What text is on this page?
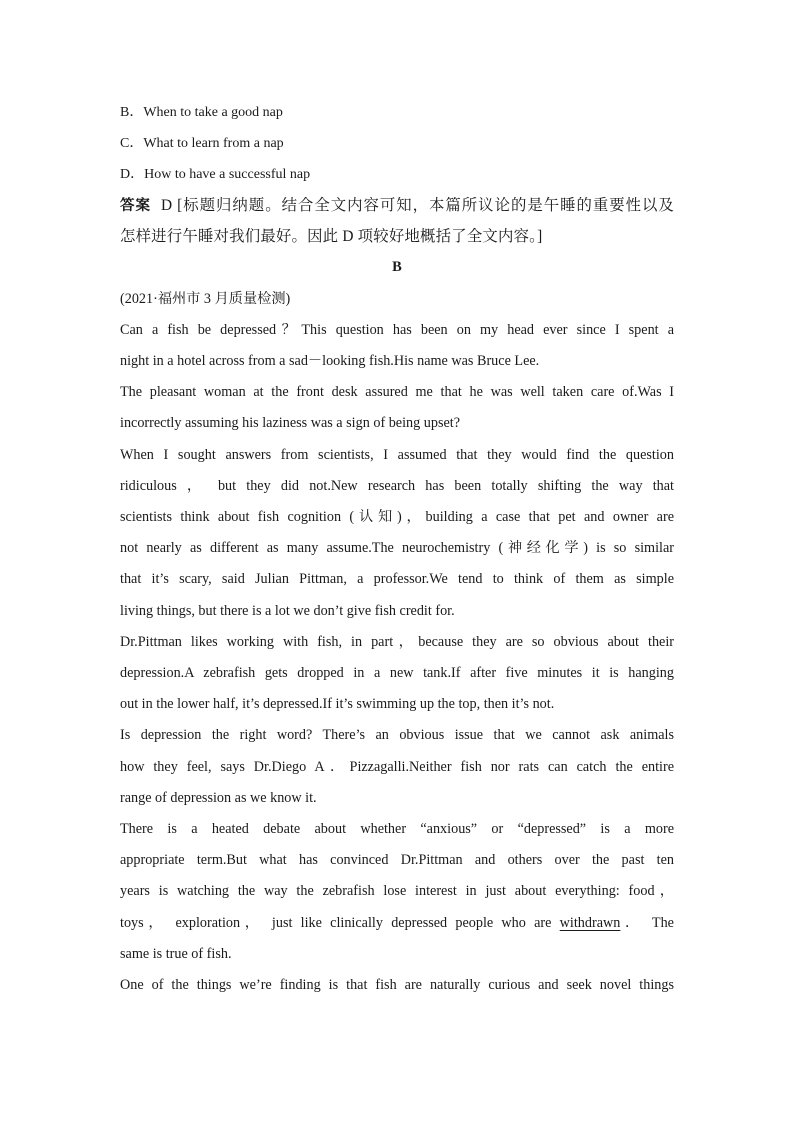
B．When to take a good nap
C．What to learn from a nap
D．How to have a successful nap
答案 D [标题归纳题。结合全文内容可知，本篇所议论的是午睡的重要性以及
怎样进行午睡对我们最好。因此 D 项较好地概括了全文内容。]
B
(2021·福州市 3 月质量检测)
Can a fish be depressed？This question has been on my head ever since I spent a
night in a hotel across from a sad－looking fish.His name was Bruce Lee.
The pleasant woman at the front desk assured me that he was well taken care of.Was I
incorrectly assuming his laziness was a sign of being upset?
When I sought answers from scientists, I assumed that they would find the question
ridiculous ， but they did not.New research has been totally shifting the way that
scientists think about fish cognition (认知)，building a case that pet and owner are
not nearly as different as many assume.The neurochemistry (神经化学) is so similar
that it’s scary, said Julian Pittman, a professor.We tend to think of them as simple
living things, but there is a lot we don’t give fish credit for.
Dr.Pittman likes working with fish, in part，because they are so obvious about their
depression.A zebrafish gets dropped in a new tank.If after five minutes it is hanging
out in the lower half, it’s depressed.If it’s swimming up the top, then it’s not.
Is depression the right word? There’s an obvious issue that we cannot ask animals
how they feel, says Dr.Diego A．Pizzagalli.Neither fish nor rats can catch the entire
range of depression as we know it.
There is a heated debate about whether “anxious” or “depressed” is a more
appropriate term.But what has convinced Dr.Pittman and others over the past ten
years is watching the way the zebrafish lose interest in just about everything: food，
toys， exploration， just like clinically depressed people who are withdrawn． The
same is true of fish.
One of the things we’re finding is that fish are naturally curious and seek novel things
